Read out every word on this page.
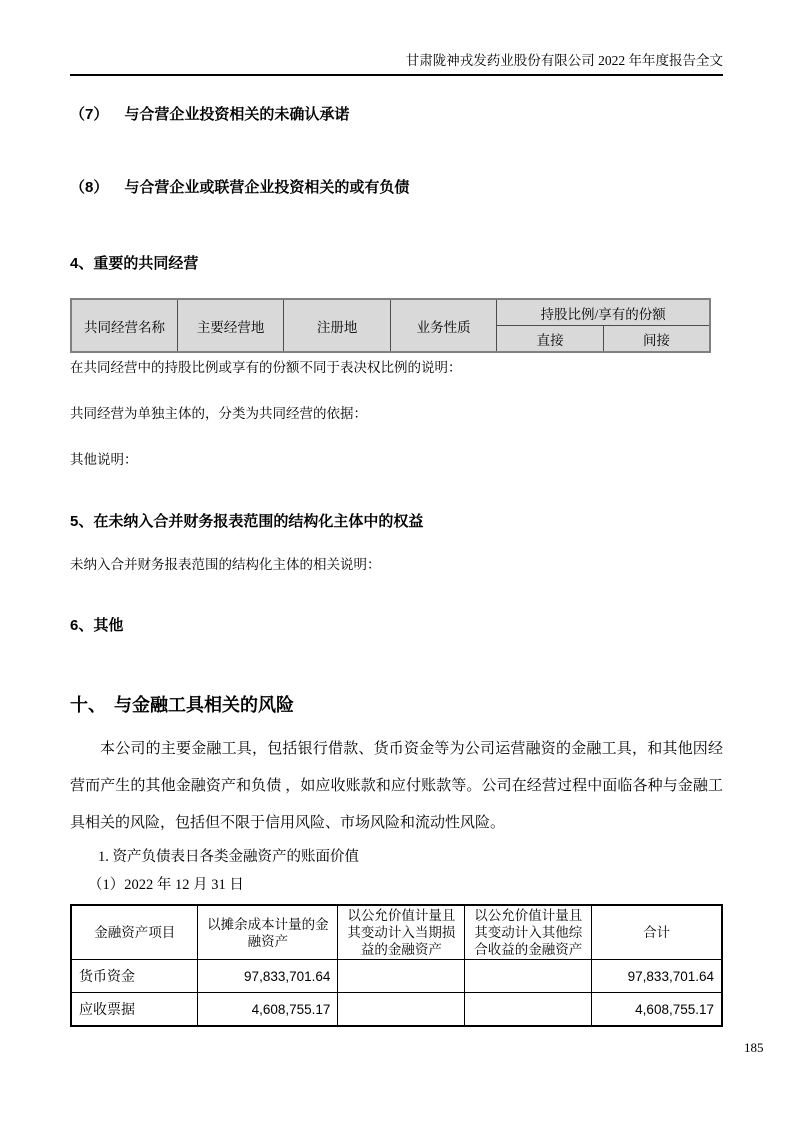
甘肃陇神戎发药业股份有限公司 2022 年年度报告全文
（7） 与合营企业投资相关的未确认承诺
（8） 与合营企业或联营企业投资相关的或有负债
4、重要的共同经营
共同经营名称	主要经营地	注册地	业务性质	持股比例/享有的份额	
				直接	间接
在共同经营中的持股比例或享有的份额不同于表决权比例的说明：
共同经营为单独主体的，分类为共同经营的依据：
其他说明：
5、在未纳入合并财务报表范围的结构化主体中的权益
未纳入合并财务报表范围的结构化主体的相关说明：
6、其他
十、 与金融工具相关的风险

本公司的主要金融工具，包括银行借款、货币资金等为公司运营融资的金融工具，和其他因经营而产生的其他金融资产和负债 ，如应收账款和应付账款等。公司在经营过程中面临各种与金融工具相关的风险，包括但不限于信用风险、市场风险和流动性风险。

1. 资产负债表日各类金融资产的账面价值
（1）2022 年 12 月 31 日
金融资产项目	以摊余成本计量的金融资产	以公允价值计量且其变动计入当期损益的金融资产	以公允价值计量且其变动计入其他综合收益的金融资产	合计
货币资金	97,833,701.64			97,833,701.64
应收票据	4,608,755.17			4,608,755.17
185
